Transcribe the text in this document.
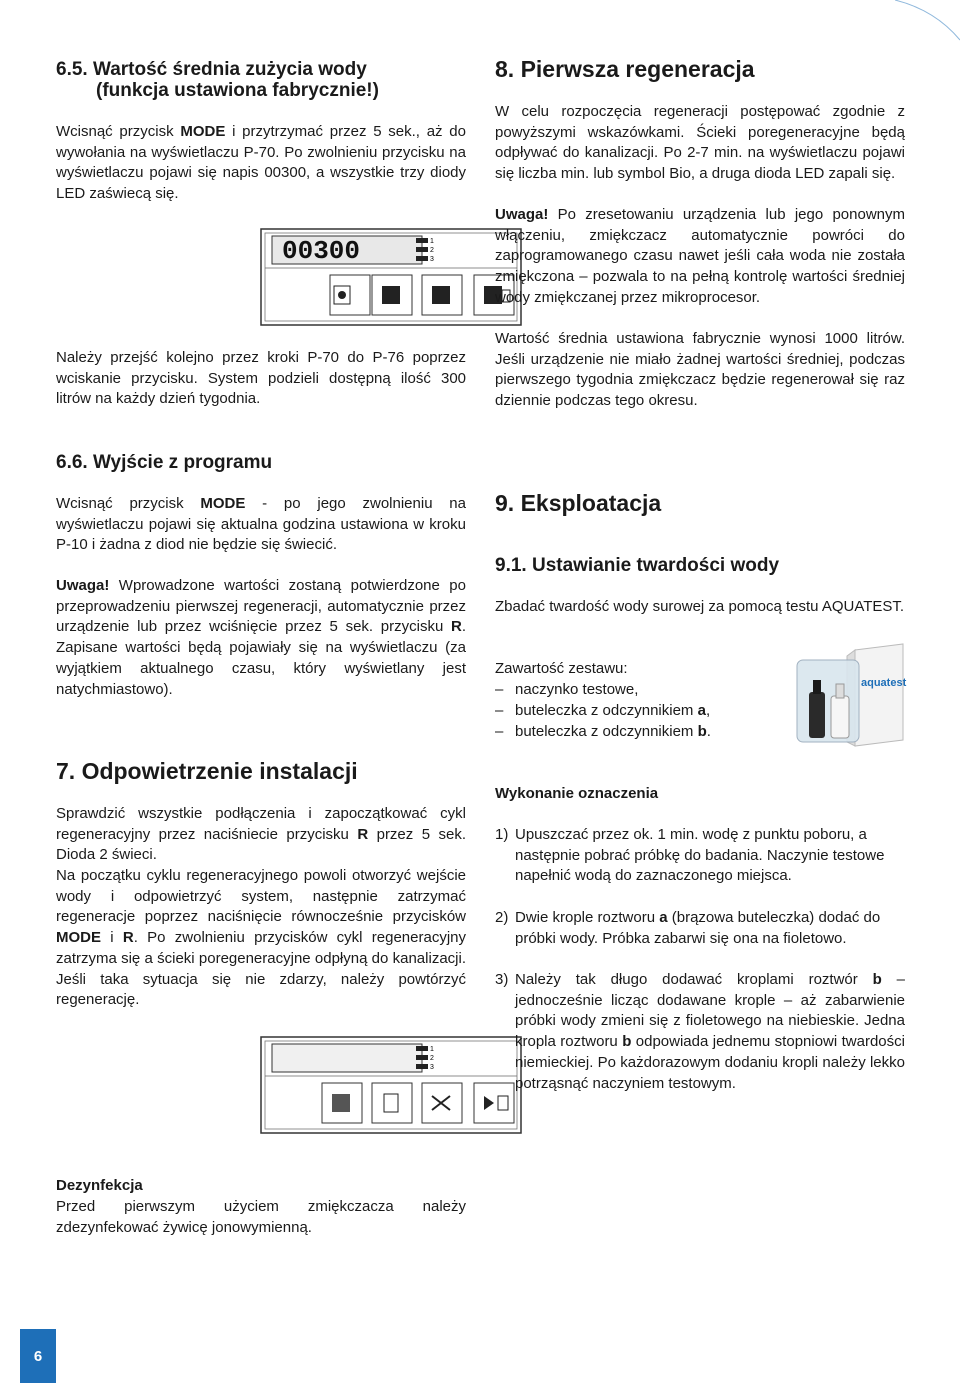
6.5. Wartość średnia zużycia wody
(funkcja ustawiona fabrycznie!)

Wcisnąć przycisk MODE i przytrzymać przez 5 sek., aż do wywołania na wyświetlaczu P-70. Po zwolnieniu przycisku na wyświetlaczu pojawi się napis 00300, a wszystkie trzy diody LED zaświecą się.

00300	1
2
3

Należy przejść kolejno przez kroki P-70 do P-76 poprzez wciskanie przycisku. System podzieli dostępną ilość 300 litrów na każdy dzień tygodnia.

6.6. Wyjście z programu

Wcisnąć przycisk MODE - po jego zwolnieniu na wyświetlaczu pojawi się aktualna godzina ustawiona w kroku P-10 i żadna z diod nie będzie się świecić.

Uwaga! Wprowadzone wartości zostaną potwierdzone po przeprowadzeniu pierwszej regeneracji, automatycznie przez urządzenie lub przez wciśnięcie przez 5 sek. przycisku R. Zapisane wartości będą pojawiały się na wyświetlaczu (za wyjątkiem aktualnego czasu, który wyświetlany jest natychmiastowo).

7. Odpowietrzenie instalacji

Sprawdzić wszystkie podłączenia i zapoczątkować cykl regeneracyjny przez naciśniecie przycisku R przez 5 sek. Dioda 2 świeci.

Na początku cyklu regeneracyjnego powoli otworzyć wejście wody i odpowietrzyć system, następnie zatrzymać regeneracje poprzez naciśnięcie równocześnie przycisków MODE i R. Po zwolnieniu przycisków cykl regeneracyjny zatrzyma się a ścieki poregeneracyjne odpłyną do kanalizacji. Jeśli taka sytuacja się nie zdarzy, należy powtórzyć regenerację.

1
2
3
Dezynfekcja

Przed pierwszym użyciem zmiękczacza należy zdezynfekować żywicę jonowymienną.

8. Pierwsza regeneracja

W celu rozpoczęcia regeneracji postępować zgodnie z powyższymi wskazówkami. Ścieki poregeneracyjne będą odpływać do kanalizacji. Po 2-7 min. na wyświetlaczu pojawi się liczba min. lub symbol Bio, a druga dioda LED zapali się.

Uwaga! Po zresetowaniu urządzenia lub jego ponownym włączeniu, zmiękczacz automatycznie powróci do zaprogramowanego czasu nawet jeśli cała woda nie została zmiękczona – pozwala to na pełną kontrolę wartości średniej wody zmiękczanej przez mikroprocesor.

Wartość średnia ustawiona fabrycznie wynosi 1000 litrów. Jeśli urządzenie nie miało żadnej wartości średniej, podczas pierwszego tygodnia zmiękczacz będzie regenerował się raz dziennie podczas tego okresu.

9. Eksploatacja
9.1. Ustawianie twardości wody

Zbadać twardość wody surowej za pomocą testu AQUATEST.

Zawartość zestawu:
– naczynko testowe,
– buteleczka z odczynnikiem a,
– buteleczka z odczynnikiem b.
aquatest
Wykonanie oznaczenia
1) Upuszczać przez ok. 1 min. wodę z punktu poboru, a następnie pobrać próbkę do badania. Naczynie testowe napełnić wodą do zaznaczonego miejsca.
2) Dwie krople roztworu a (brązowa buteleczka) dodać do próbki wody. Próbka zabarwi się ona na fioletowo.
3) Należy tak długo dodawać kroplami roztwór b – jednocześnie licząc dodawane krople – aż zabarwienie próbki wody zmieni się z fioletowego na niebieskie. Jedna kropla roztworu b odpowiada jednemu stopniowi twardości niemieckiej. Po każdorazowym dodaniu kropli należy lekko potrząsnąć naczyniem testowym.
6
